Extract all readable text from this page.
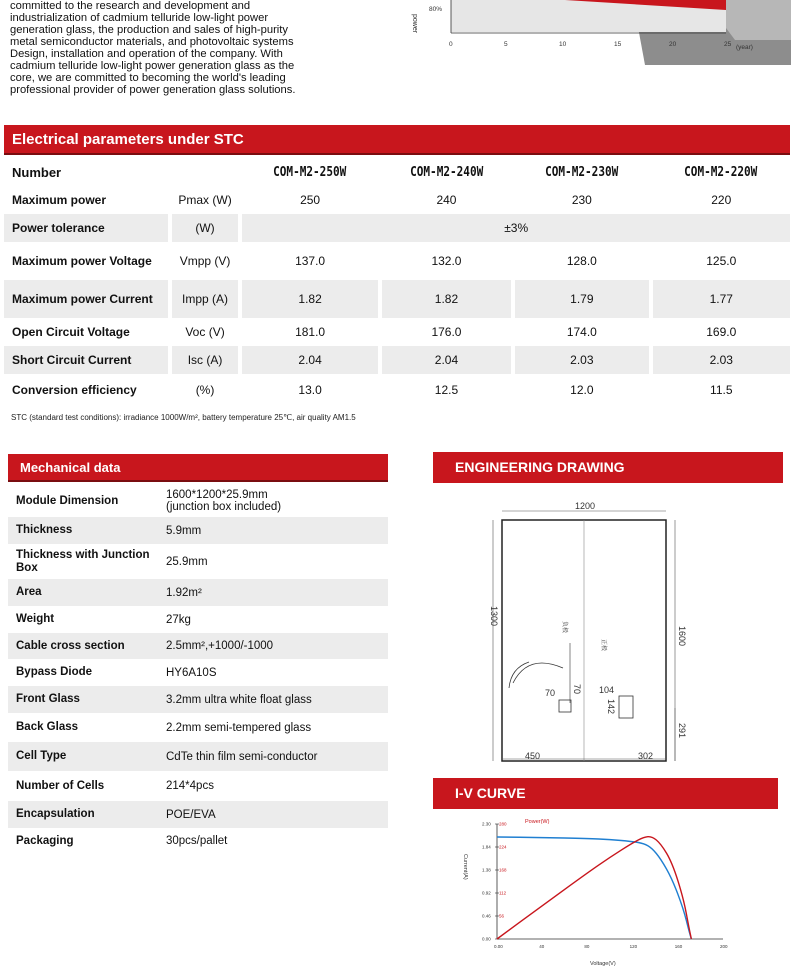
committed to the research and development and
industrialization of cadmium telluride low-light power
generation glass, the production and sales of high-purity
metal semiconductor materials, and photovoltaic systems
Design, installation and operation of the company. With
cadmium telluride low-light power generation glass as the
core, we are committed to becoming the world's leading
professional provider of power generation glass solutions.
power
80%
0	5	10	15	20	25 (year)
Electrical parameters under STC
Number		COM-M2-250W	COM-M2-240W	COM-M2-230W	COM-M2-220W
Maximum power	Pmax (W)	250	240	230	220
Power tolerance	(W)	±3%			
Maximum power Voltage	Vmpp (V)	137.0	132.0	128.0	125.0
Maximum power Current	Impp (A)	1.82	1.82	1.79	1.77
Open Circuit Voltage	Voc (V)	181.0	176.0	174.0	169.0
Short Circuit Current	Isc (A)	2.04	2.04	2.03	2.03
Conversion efficiency	(%)	13.0	12.5	12.0	11.5
STC (standard test conditions): irradiance 1000W/m², battery temperature 25℃, air quality AM1.5
Mechanical data
Module Dimension	1600*1200*25.9mm
(junction box included)

Thickness	5.9mm

Thickness with Junction Box	25.9mm

Area	1.92m²

Weight	27kg

Cable cross section	2.5mm²,+1000/-1000

Bypass Diode	HY6A10S

Front Glass	3.2mm ultra white float glass

Back Glass	2.2mm semi-tempered glass

Cell Type	CdTe thin film semi-conductor

Number of Cells	214*4pcs

Encapsulation	POE/EVA

Packaging	30pcs/pallet
ENGINEERING DRAWING
1200
1300
1600
负极
正极
70 70 104
142
291
450	302
I-V CURVE
0.00	40	80	120	160	200
0.00
0.46
0.92
1.38
1.84
2.30
56
112
168
224
280
Voltage(V)
Current(A)
Power(W)
